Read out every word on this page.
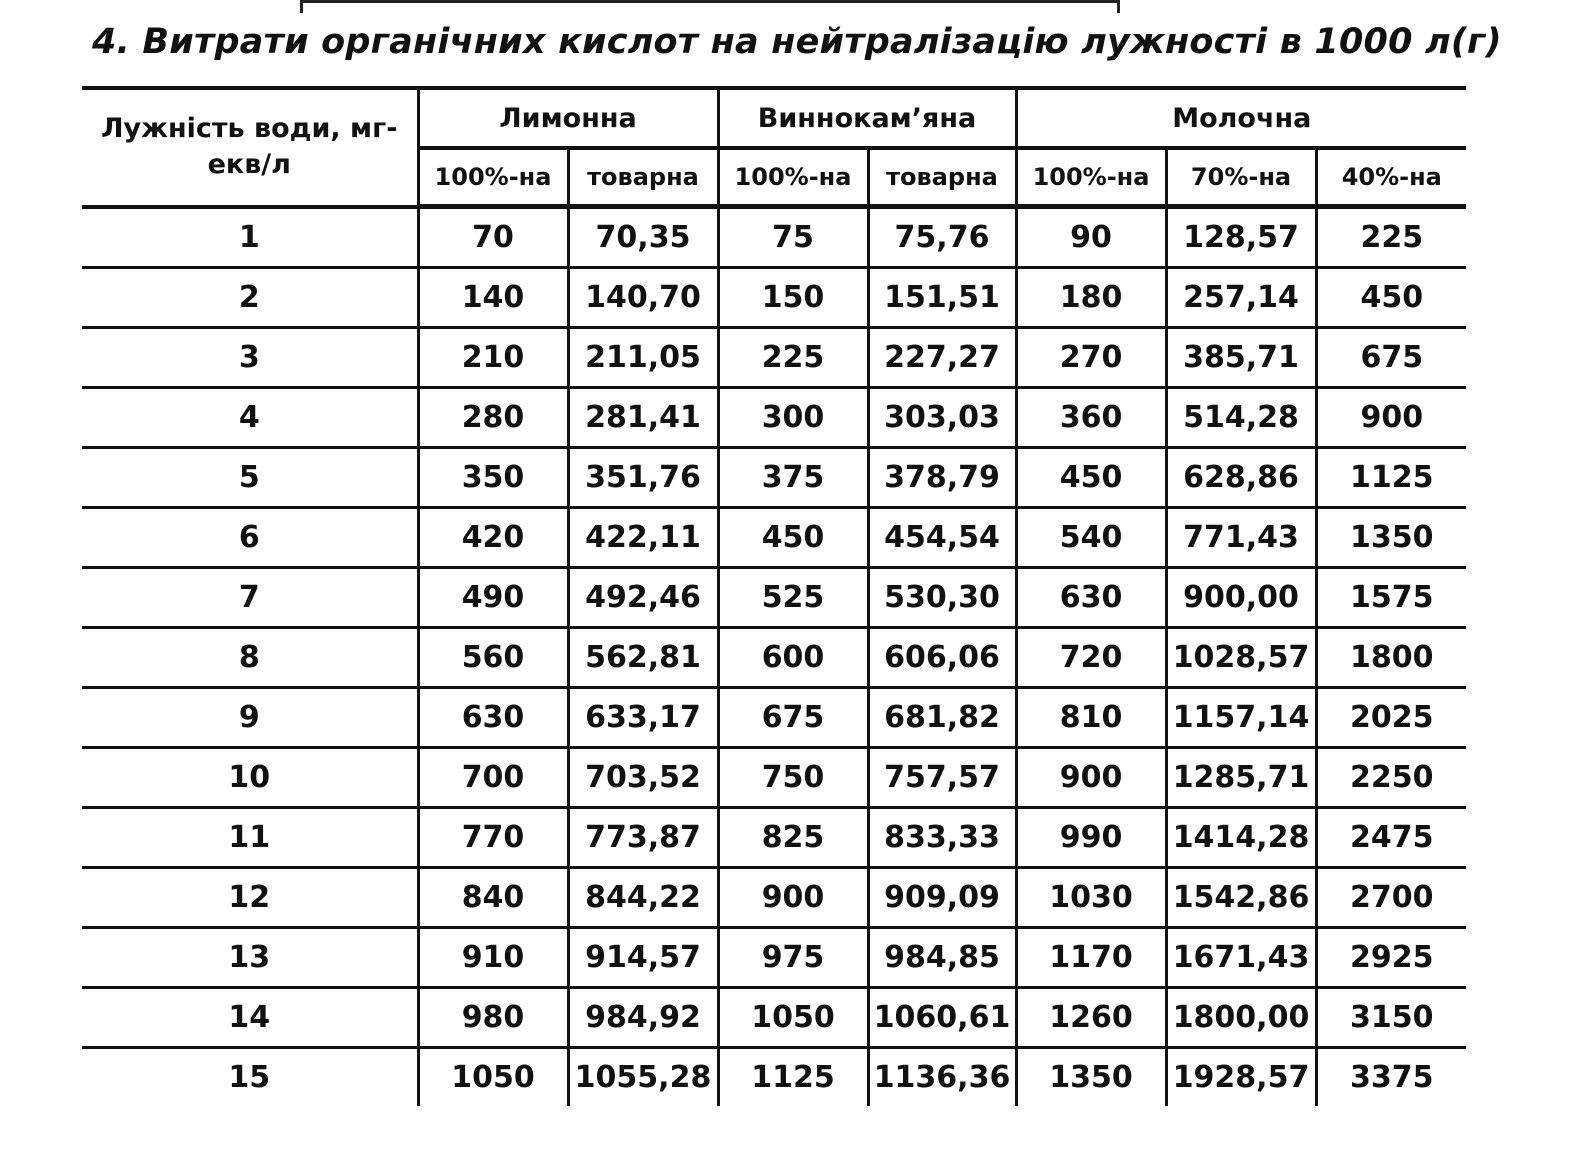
4. Витрати органічних кислот на нейтралізацію лужності в 1000 л(г)
Лужність води, мг-екв/л	Лимонна		Виннокам’яна		Молочна		
	100%-на	товарна	100%-на	товарна	100%-на	70%-на	40%-на
1	70	70,35	75	75,76	90	128,57	225
2	140	140,70	150	151,51	180	257,14	450
3	210	211,05	225	227,27	270	385,71	675
4	280	281,41	300	303,03	360	514,28	900
5	350	351,76	375	378,79	450	628,86	1125
6	420	422,11	450	454,54	540	771,43	1350
7	490	492,46	525	530,30	630	900,00	1575
8	560	562,81	600	606,06	720	1028,57	1800
9	630	633,17	675	681,82	810	1157,14	2025
10	700	703,52	750	757,57	900	1285,71	2250
11	770	773,87	825	833,33	990	1414,28	2475
12	840	844,22	900	909,09	1030	1542,86	2700
13	910	914,57	975	984,85	1170	1671,43	2925
14	980	984,92	1050	1060,61	1260	1800,00	3150
15	1050	1055,28	1125	1136,36	1350	1928,57	3375
